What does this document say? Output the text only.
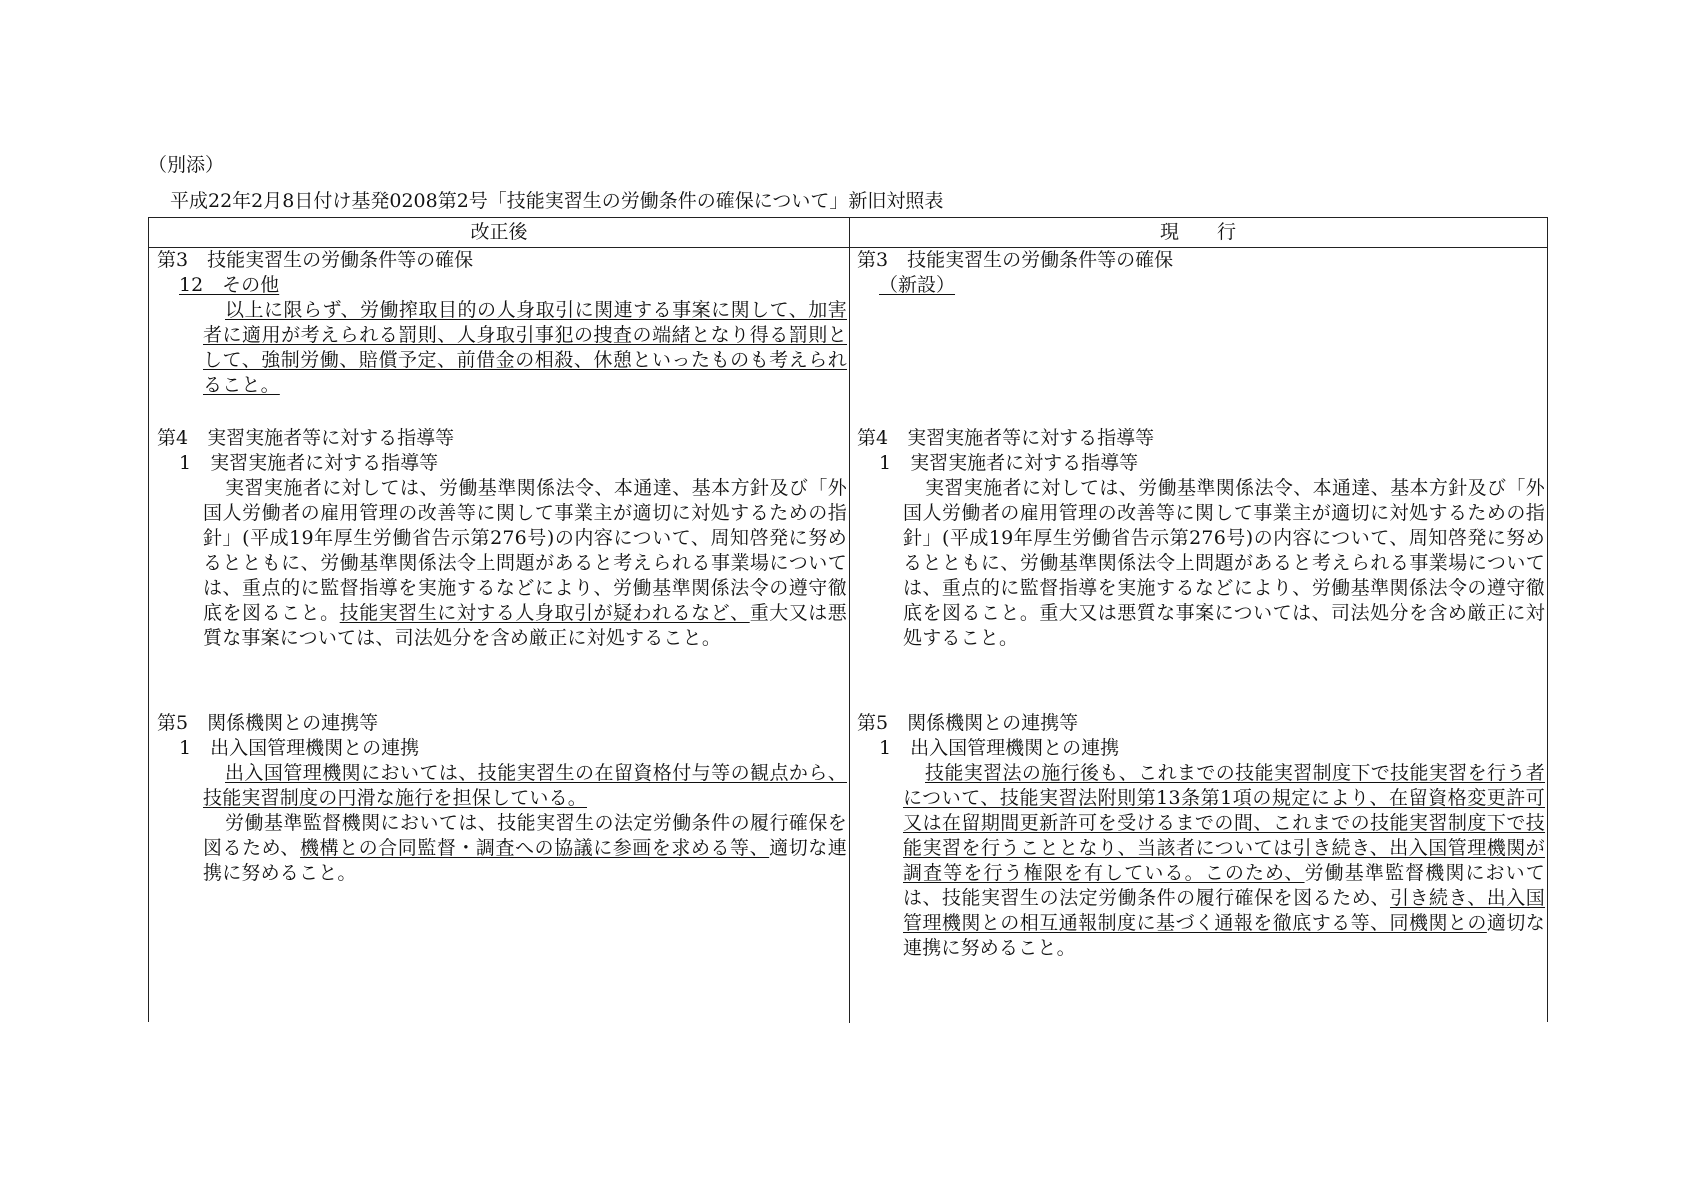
（別添）
平成22年2月8日付け基発0208第2号「技能実習生の労働条件の確保について」新旧対照表
改正後	現　　行
第3　技能実習生の労働条件等の確保
12　その他
以上に限らず、労働搾取目的の人身取引に関連する事案に関して、加害者に適用が考えられる罰則、人身取引事犯の捜査の端緒となり得る罰則として、強制労働、賠償予定、前借金の相殺、休憩といったものも考えられること。
第4　実習実施者等に対する指導等
1　実習実施者に対する指導等
実習実施者に対しては、労働基準関係法令、本通達、基本方針及び「外国人労働者の雇用管理の改善等に関して事業主が適切に対処するための指針」(平成19年厚生労働省告示第276号)の内容について、周知啓発に努めるとともに、労働基準関係法令上問題があると考えられる事業場については、重点的に監督指導を実施するなどにより、労働基準関係法令の遵守徹底を図ること。技能実習生に対する人身取引が疑われるなど、重大又は悪質な事案については、司法処分を含め厳正に対処すること。
第5　関係機関との連携等
1　出入国管理機関との連携
出入国管理機関においては、技能実習生の在留資格付与等の観点から、技能実習制度の円滑な施行を担保している。
労働基準監督機関においては、技能実習生の法定労働条件の履行確保を図るため、機構との合同監督・調査への協議に参画を求める等、適切な連携に努めること。
第3　技能実習生の労働条件等の確保
（新設）
第4　実習実施者等に対する指導等
1　実習実施者に対する指導等
実習実施者に対しては、労働基準関係法令、本通達、基本方針及び「外国人労働者の雇用管理の改善等に関して事業主が適切に対処するための指針」(平成19年厚生労働省告示第276号)の内容について、周知啓発に努めるとともに、労働基準関係法令上問題があると考えられる事業場については、重点的に監督指導を実施するなどにより、労働基準関係法令の遵守徹底を図ること。重大又は悪質な事案については、司法処分を含め厳正に対処すること。
第5　関係機関との連携等
1　出入国管理機関との連携
技能実習法の施行後も、これまでの技能実習制度下で技能実習を行う者について、技能実習法附則第13条第1項の規定により、在留資格変更許可又は在留期間更新許可を受けるまでの間、これまでの技能実習制度下で技能実習を行うこととなり、当該者については引き続き、出入国管理機関が調査等を行う権限を有している。このため、労働基準監督機関においては、技能実習生の法定労働条件の履行確保を図るため、引き続き、出入国管理機関との相互通報制度に基づく通報を徹底する等、同機関との適切な連携に努めること。
